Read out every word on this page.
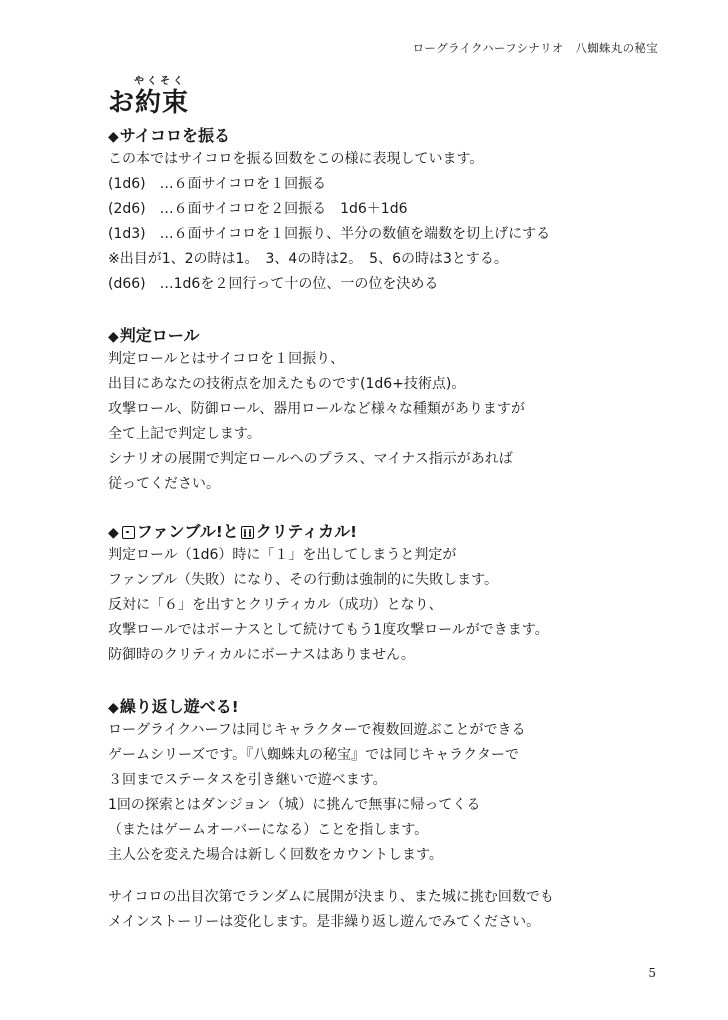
ローグライクハーフシナリオ　八蜘蛛丸の秘宝
やくそく
お約束
◆サイコロを振る
この本ではサイコロを振る回数をこの様に表現しています。
(1d6)　…６面サイコロを１回振る
(2d6)　…６面サイコロを２回振る　1d6＋1d6
(1d3)　…６面サイコロを１回振り、半分の数値を端数を切上げにする
※出目が1、2の時は1。　3、4の時は2。　5、6の時は3とする。
(d66)　…1d6を２回行って十の位、一の位を決める
◆判定ロール
判定ロールとはサイコロを１回振り、
出目にあなたの技術点を加えたものです(1d6+技術点)。
攻撃ロール、防御ロール、器用ロールなど様々な種類がありますが
全て上記で判定します。
シナリオの展開で判定ロールへのプラス、マイナス指示があれば
従ってください。
◆ ファンブル!と クリティカル!
判定ロール（1d6）時に「１」を出してしまうと判定が
ファンブル（失敗）になり、その行動は強制的に失敗します。
反対に「６」を出すとクリティカル（成功）となり、
攻撃ロールではボーナスとして続けてもう1度攻撃ロールができます。
防御時のクリティカルにボーナスはありません。
◆繰り返し遊べる!
ローグライクハーフは同じキャラクターで複数回遊ぶことができる
ゲームシリーズです。『八蜘蛛丸の秘宝』では同じキャラクターで
３回までステータスを引き継いで遊べます。
1回の探索とはダンジョン（城）に挑んで無事に帰ってくる
（またはゲームオーバーになる）ことを指します。
主人公を変えた場合は新しく回数をカウントします。
サイコロの出目次第でランダムに展開が決まり、また城に挑む回数でも
メインストーリーは変化します。是非繰り返し遊んでみてください。
5
